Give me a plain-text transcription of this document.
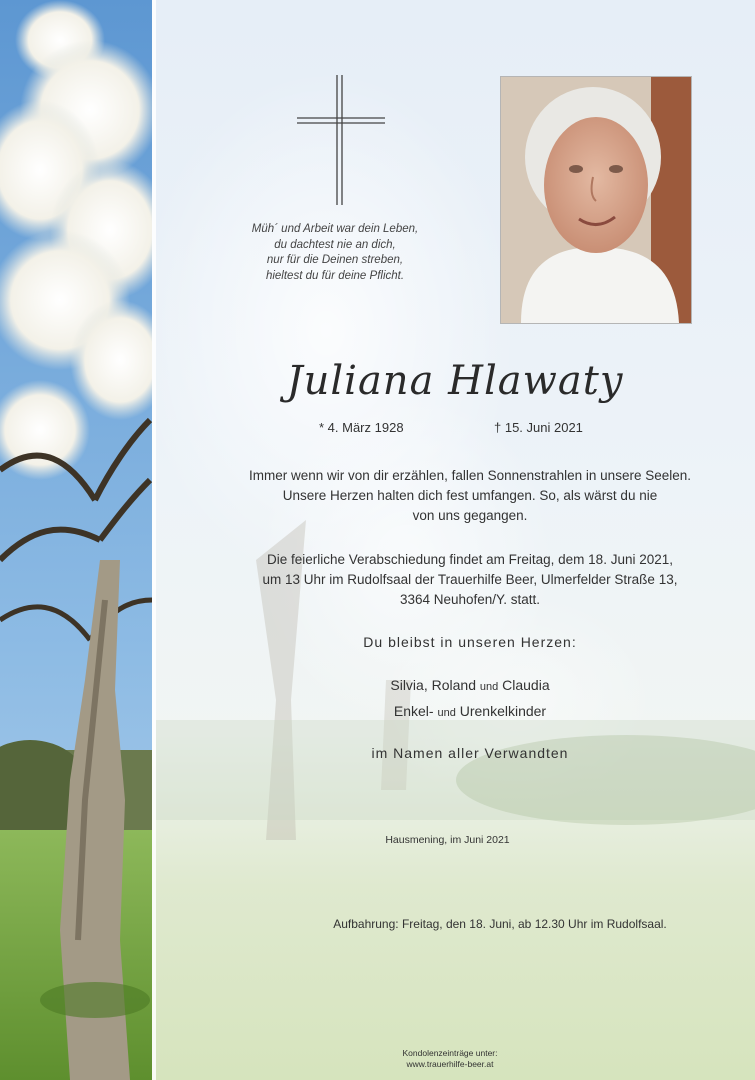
Müh´ und Arbeit war dein Leben,
du dachtest nie an dich,
nur für die Deinen streben,
hieltest du für deine Pflicht.
Juliana Hlawaty
* 4. März 1928	† 15. Juni 2021
Immer wenn wir von dir erzählen, fallen Sonnenstrahlen in unsere Seelen.
Unsere Herzen halten dich fest umfangen. So, als wärst du nie
von uns gegangen.
Die feierliche Verabschiedung findet am Freitag, dem 18. Juni 2021,
um 13 Uhr im Rudolfsaal der Trauerhilfe Beer, Ulmerfelder Straße 13,
3364 Neuhofen/Y. statt.
Du bleibst in unseren Herzen:
Silvia, Roland und Claudia
Enkel- und Urenkelkinder
im Namen aller Verwandten
Hausmening, im Juni 2021
Aufbahrung: Freitag, den 18. Juni, ab 12.30 Uhr im Rudolfsaal.
Kondolenzeinträge unter:
www.trauerhilfe-beer.at
